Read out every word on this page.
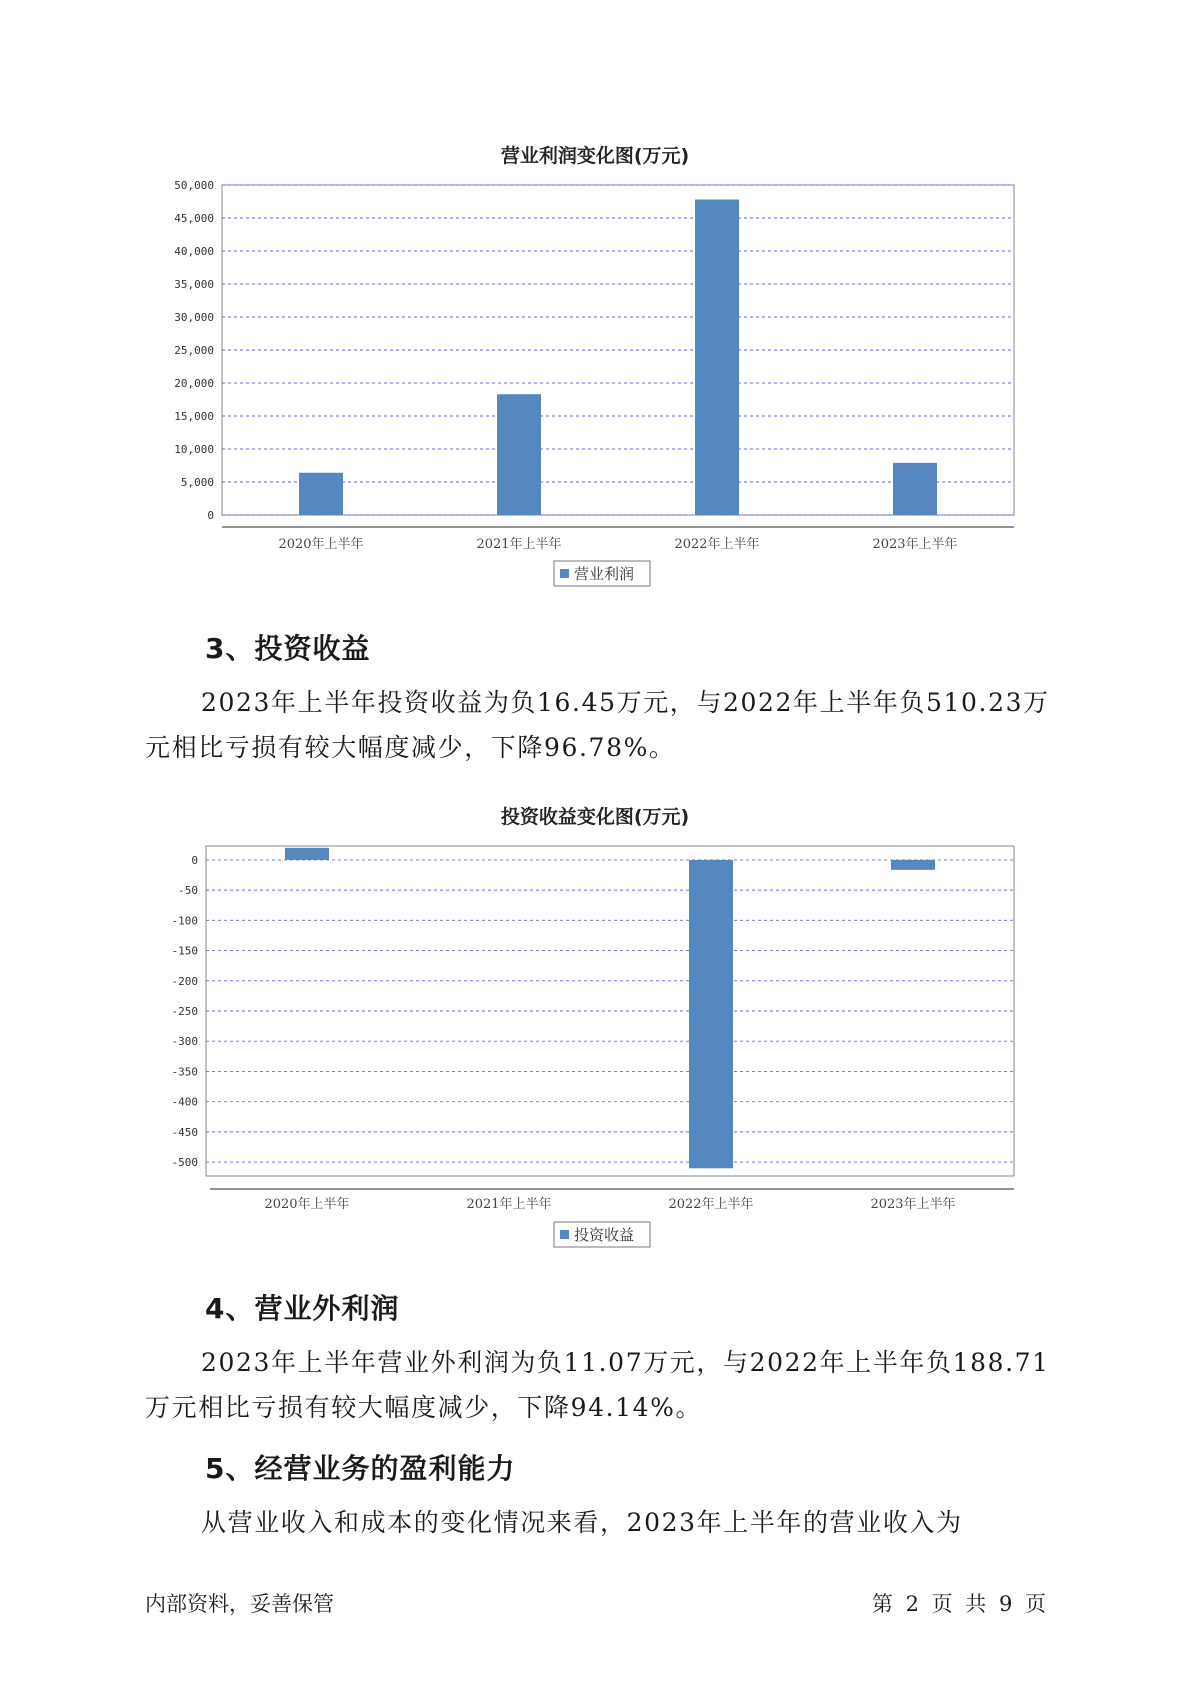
营业利润变化图(万元)
0
5,000
10,000
15,000
20,000
25,000
30,000
35,000
40,000
45,000
50,000
2020年上半年	2021年上半年	2022年上半年	2023年上半年
营业利润
3、投资收益

2023年上半年投资收益为负16.45万元，与2022年上半年负510.23万元相比亏损有较大幅度减少，下降96.78%。

投资收益变化图(万元)
0
-50
-100
-150
-200
-250
-300
-350
-400
-450
-500
2020年上半年	2021年上半年	2022年上半年	2023年上半年
投资收益
4、营业外利润

2023年上半年营业外利润为负11.07万元，与2022年上半年负188.71万元相比亏损有较大幅度减少，下降94.14%。

5、经营业务的盈利能力

从营业收入和成本的变化情况来看，2023年上半年的营业收入为

内部资料，妥善保管	第 2 页 共 9 页
